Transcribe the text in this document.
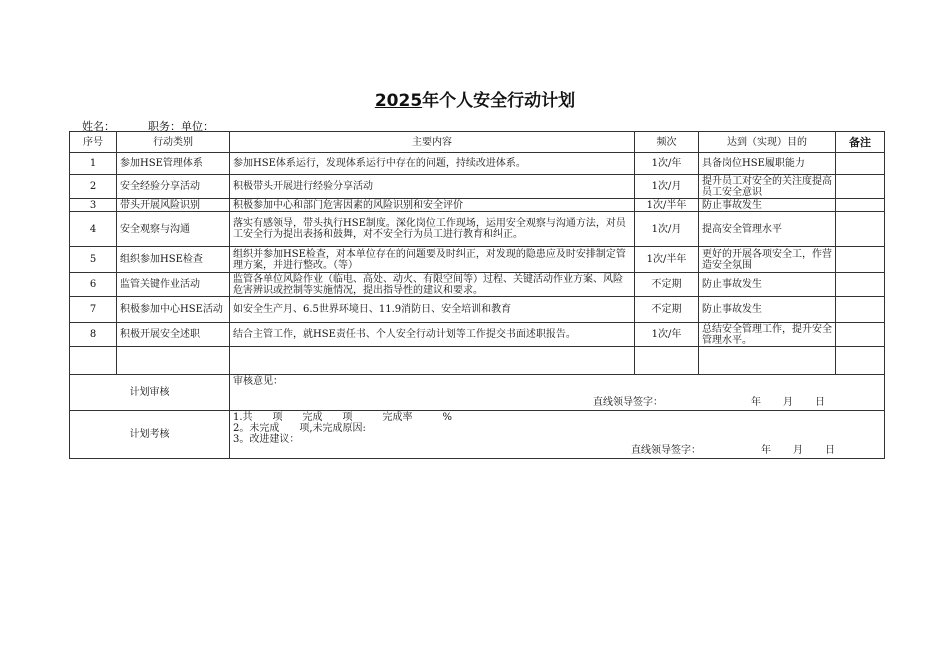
2025年个人安全行动计划
姓名：	职务：单位：
序号	行动类别	主要内容	频次	达到（实现）目的	备注
1	参加HSE管理体系	参加HSE体系运行，发现体系运行中存在的问题，持续改进体系。	1次/年	具备岗位HSE履职能力	
2	安全经验分享活动	积极带头开展进行经验分享活动	1次/月	提升员工对安全的关注度提高员工安全意识	
3	带头开展风险识别	积极参加中心和部门危害因素的风险识别和安全评价	1次/半年	防止事故发生	
4	安全观察与沟通	落实有感领导，带头执行HSE制度。深化岗位工作现场，运用安全观察与沟通方法，对员工安全行为提出表扬和鼓舞，对不安全行为员工进行教育和纠正。	1次/月	提高安全管理水平	
5	组织参加HSE检查	组织并参加HSE检查，对本单位存在的问题要及时纠正，对发现的隐患应及时安排制定管理方案，并进行整改。（等）	1次/半年	更好的开展各项安全工，作营造安全氛围	
6	监管关键作业活动	监管各单位风险作业（临电、高处、动火、有限空间等）过程、关键活动作业方案、风险危害辨识或控制等实施情况，提出指导性的建议和要求。	不定期	防止事故发生	
7	积极参加中心HSE活动	如安全生产月、6.5世界环境日、11.9消防日、安全培训和教育	不定期	防止事故发生	
8	积极开展安全述职	结合主管工作，就HSE责任书、个人安全行动计划等工作提交书面述职报告。	1次/年	总结安全管理工作，提升安全管理水平。	

计划审核		审核意见：
直线领导签字： 年 月 日			

计划考核		1.共　　项　　完成　　项　　　完成率　　　%
2。未完成　　项,未完成原因:
3。改进建议：
直线领导签字： 年 月 日			
